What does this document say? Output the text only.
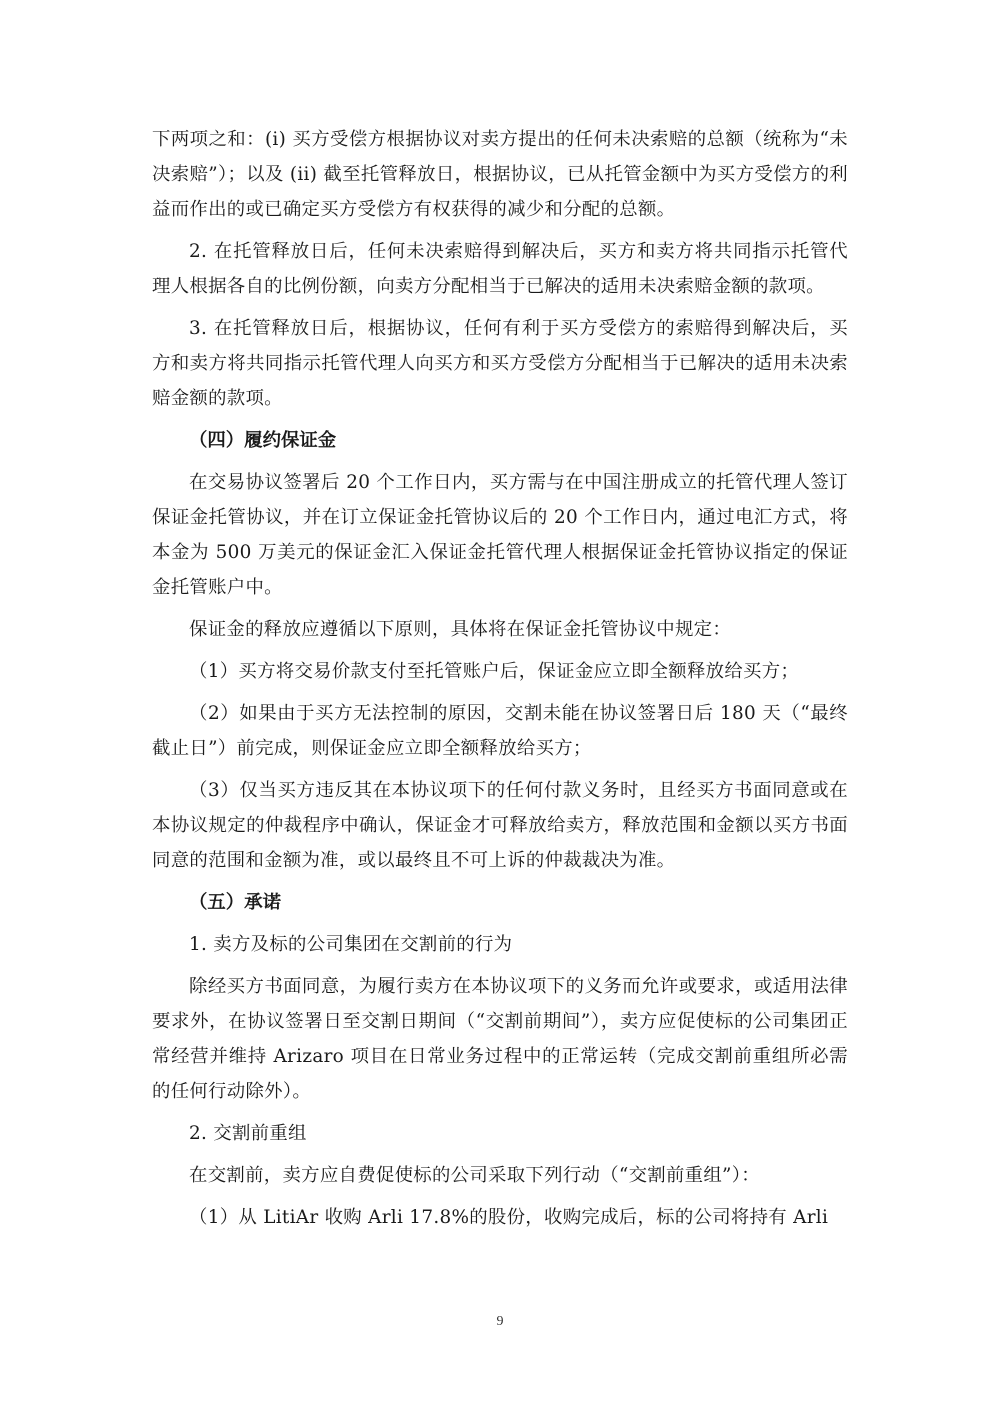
下两项之和：(i) 买方受偿方根据协议对卖方提出的任何未决索赔的总额（统称为“未决索赔”）；以及 (ii) 截至托管释放日，根据协议，已从托管金额中为买方受偿方的利益而作出的或已确定买方受偿方有权获得的减少和分配的总额。

2. 在托管释放日后，任何未决索赔得到解决后，买方和卖方将共同指示托管代理人根据各自的比例份额，向卖方分配相当于已解决的适用未决索赔金额的款项。

3. 在托管释放日后，根据协议，任何有利于买方受偿方的索赔得到解决后，买方和卖方将共同指示托管代理人向买方和买方受偿方分配相当于已解决的适用未决索赔金额的款项。

（四）履约保证金

在交易协议签署后 20 个工作日内，买方需与在中国注册成立的托管代理人签订保证金托管协议，并在订立保证金托管协议后的 20 个工作日内，通过电汇方式，将本金为 500 万美元的保证金汇入保证金托管代理人根据保证金托管协议指定的保证金托管账户中。

保证金的释放应遵循以下原则，具体将在保证金托管协议中规定：

（1）买方将交易价款支付至托管账户后，保证金应立即全额释放给买方；

（2）如果由于买方无法控制的原因，交割未能在协议签署日后 180 天（“最终截止日”）前完成，则保证金应立即全额释放给买方；

（3）仅当买方违反其在本协议项下的任何付款义务时，且经买方书面同意或在本协议规定的仲裁程序中确认，保证金才可释放给卖方，释放范围和金额以买方书面同意的范围和金额为准，或以最终且不可上诉的仲裁裁决为准。

（五）承诺

1. 卖方及标的公司集团在交割前的行为

除经买方书面同意，为履行卖方在本协议项下的义务而允许或要求，或适用法律要求外，在协议签署日至交割日期间（“交割前期间”），卖方应促使标的公司集团正常经营并维持 Arizaro 项目在日常业务过程中的正常运转（完成交割前重组所必需的任何行动除外）。

2. 交割前重组

在交割前，卖方应自费促使标的公司采取下列行动（“交割前重组”）：

（1）从 LitiAr 收购 Arli 17.8%的股份，收购完成后，标的公司将持有 Arli

9
